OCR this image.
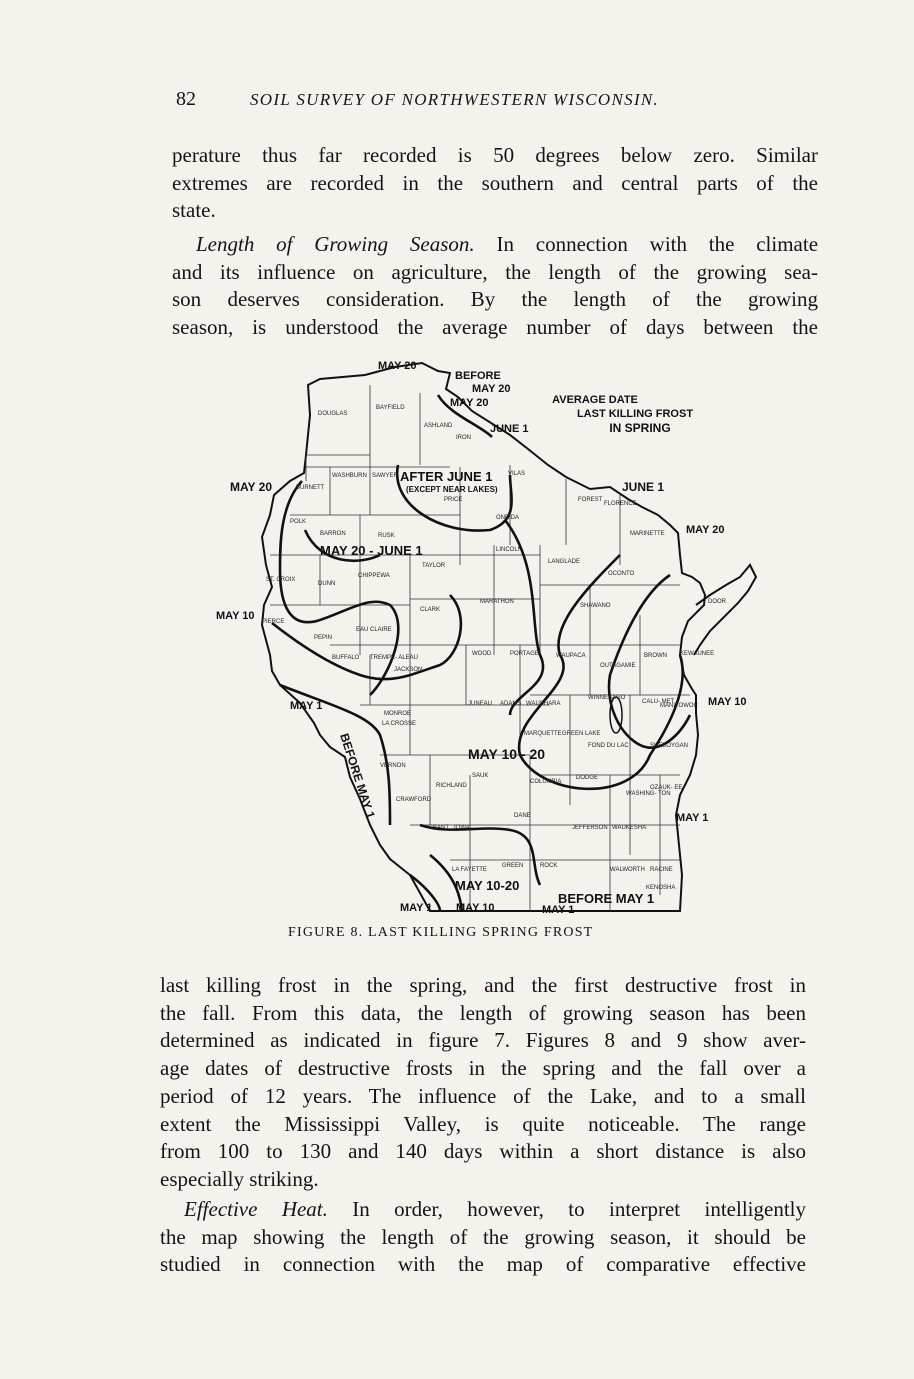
82	SOIL SURVEY OF NORTHWESTERN WISCONSIN.
perature thus far recorded is 50 degrees below zero. Similar
extremes are recorded in the southern and central parts of the
state.
Length of Growing Season. In connection with the climate
and its influence on agriculture, the length of the growing sea-
son deserves consideration. By the length of the growing
season, is understood the average number of days between the
AVERAGE DATE
LAST KILLING FROST
IN SPRING
MAY 20
BEFORE
MAY 20
MAY 20
JUNE 1
AFTER JUNE 1
(EXCEPT NEAR LAKES)	JUNE 1
MAY 20
MAY 20
MAY 20 - JUNE 1
MAY 10
MAY 1
BEFORE MAY 1
MAY 10
MAY 10 - 20
MAY 1
MAY 10-20
BEFORE MAY 1
MAY 1 MAY 10	MAY 1
DOUGLAS
BAYFIELD
ASHLAND
IRON
VILAS
WASHBURN SAWYER
BURNETT
PRICE
ONEIDA
FOREST
FLORENCE
POLK
BARRON	RUSK	MARINETTE
LINCOLN
TAYLOR
LANGLADE
OCONTO
ST. CROIX
DUNN
CHIPPEWA
MARATHON
SHAWANO
DOOR
PIERCE
CLARK
EAU CLAIRE
PEPIN
BUFFALO TREMPE- ALEAU
JACKSON
WOOD	PORTAGE	WAUPACA
OUTAGAMIE
BROWN KEWAUNEE
MONROE
LA CROSSE
JUNEAU ADAMS WAUSHARA
WINNEBAGO
CALU- MET
MANITOWOC
VERNON
MARQUETTE GREEN LAKE
FOND DU LAC	SHEBOYGAN
RICHLAND
SAUK
COLUMBIA
DODGE
WASHING- TON
OZAUK- EE
CRAWFORD
GRANT IOWA
DANE
JEFFERSON WAUKESHA
LA FAYETTE
GREEN	ROCK
WALWORTH RACINE
KENOSHA
FIGURE 8. LAST KILLING SPRING FROST
last killing frost in the spring, and the first destructive frost in
the fall. From this data, the length of growing season has been
determined as indicated in figure 7. Figures 8 and 9 show aver-
age dates of destructive frosts in the spring and the fall over a
period of 12 years. The influence of the Lake, and to a small
extent the Mississippi Valley, is quite noticeable. The range
from 100 to 130 and 140 days within a short distance is also
especially striking.
Effective Heat. In order, however, to interpret intelligently
the map showing the length of the growing season, it should be
studied in connection with the map of comparative effective
